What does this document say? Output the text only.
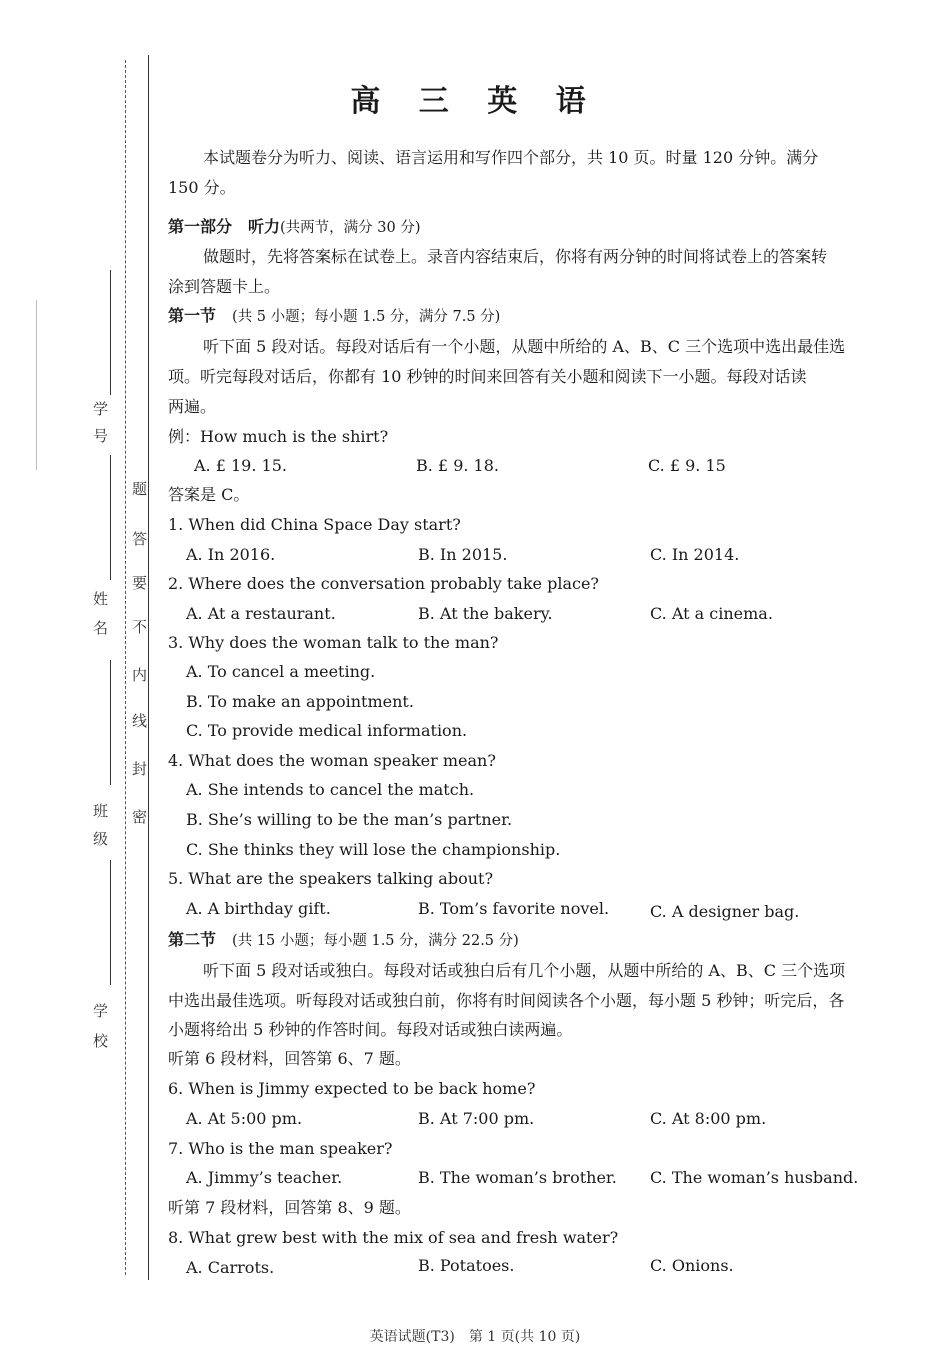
学
号
姓
名
班
级
学
校
题
答
要
不
内
线
封
密
高 三 英 语
本试题卷分为听力、阅读、语言运用和写作四个部分，共 10 页。时量 120 分钟。满分
150 分。
第一部分　听力(共两节，满分 30 分)
做题时，先将答案标在试卷上。录音内容结束后，你将有两分钟的时间将试卷上的答案转
涂到答题卡上。
第一节　 (共 5 小题；每小题 1.5 分，满分 7.5 分)
听下面 5 段对话。每段对话后有一个小题，从题中所给的 A、B、C 三个选项中选出最佳选
项。听完每段对话后，你都有 10 秒钟的时间来回答有关小题和阅读下一小题。每段对话读
两遍。
例：How much is the shirt?
A. £ 19. 15.	B. £ 9. 18.	C. £ 9. 15
答案是 C。
1. When did China Space Day start?
A. In 2016.	B. In 2015.	C. In 2014.
2. Where does the conversation probably take place?
A. At a restaurant.	B. At the bakery.	C. At a cinema.
3. Why does the woman talk to the man?
A. To cancel a meeting.
B. To make an appointment.
C. To provide medical information.
4. What does the woman speaker mean?
A. She intends to cancel the match.
B. She’s willing to be the man’s partner.
C. She thinks they will lose the championship.
5. What are the speakers talking about?
A. A birthday gift.	B. Tom’s favorite novel.	C. A designer bag.
第二节　 (共 15 小题；每小题 1.5 分，满分 22.5 分)
听下面 5 段对话或独白。每段对话或独白后有几个小题，从题中所给的 A、B、C 三个选项
中选出最佳选项。听每段对话或独白前，你将有时间阅读各个小题，每小题 5 秒钟；听完后，各
小题将给出 5 秒钟的作答时间。每段对话或独白读两遍。
听第 6 段材料，回答第 6、7 题。
6. When is Jimmy expected to be back home?
A. At 5:00 pm.	B. At 7:00 pm.	C. At 8:00 pm.
7. Who is the man speaker?
A. Jimmy’s teacher.	B. The woman’s brother. C. The woman’s husband.
听第 7 段材料，回答第 8、9 题。
8. What grew best with the mix of sea and fresh water?
A. Carrots.	B. Potatoes.	C. Onions.
英语试题(T3)　第 1 页(共 10 页)
